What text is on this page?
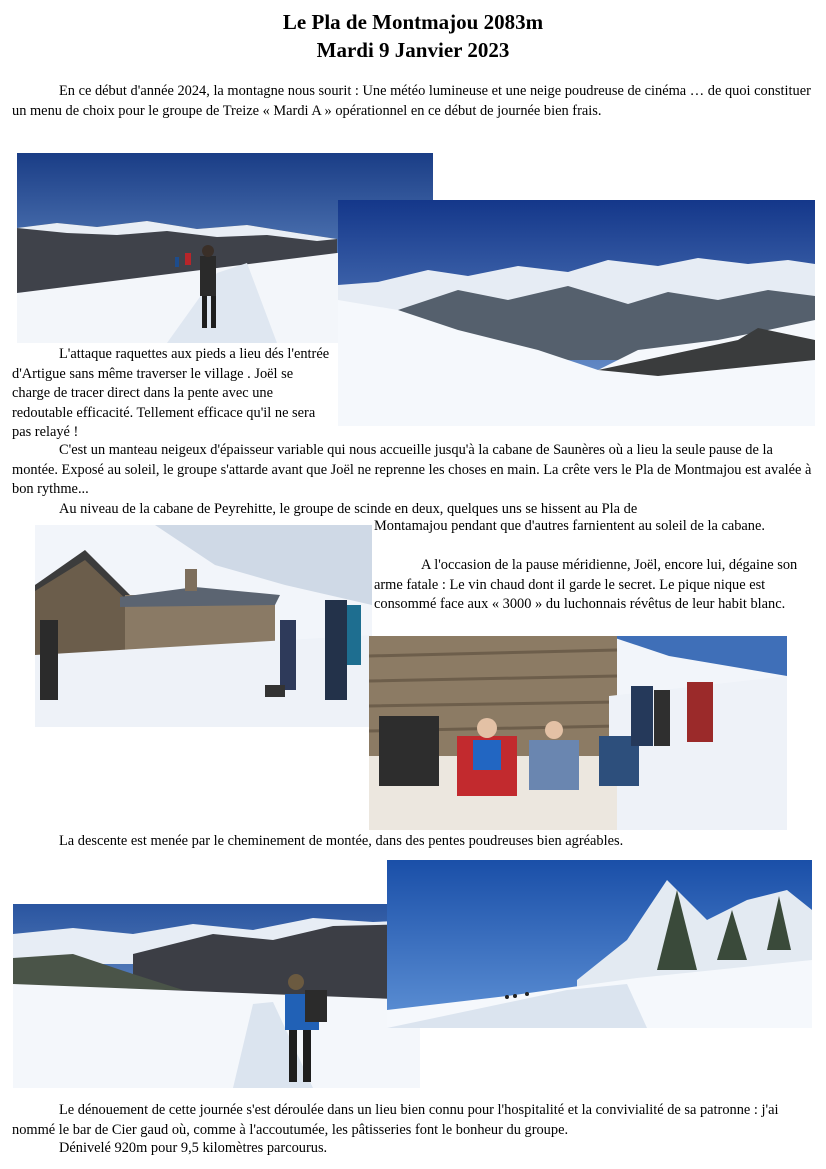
Le Pla de Montmajou 2083m
Mardi 9 Janvier 2023

En ce début d'année 2024, la montagne nous sourit : Une météo lumineuse et une neige poudreuse de cinéma … de quoi constituer un menu de choix pour le groupe de Treize « Mardi A » opérationnel en ce début de journée bien frais.

L'attaque raquettes aux pieds a lieu dés l'entrée d'Artigue sans même traverser le village . Joël se charge de tracer direct dans la pente avec une redoutable efficacité. Tellement efficace qu'il ne sera pas relayé !

C'est un manteau neigeux d'épaisseur variable qui nous accueille jusqu'à la cabane de Saunères où a lieu la seule pause de la montée. Exposé au soleil, le groupe s'attarde avant que Joël ne reprenne les choses en main. La crête vers le Pla de Montmajou est avalée à bon rythme...

Au niveau de la cabane de Peyrehitte, le groupe de scinde en deux, quelques uns se hissent au Pla de

Montamajou pendant que d'autres farnientent au soleil de la cabane.

A l'occasion de la pause méridienne, Joël, encore lui, dégaine son arme fatale : Le vin chaud dont il garde le secret. Le pique nique est consommé face aux « 3000 » du luchonnais révêtus de leur habit blanc.

La descente est menée par le cheminement de montée, dans des pentes poudreuses bien agréables.

Le dénouement de cette journée s'est déroulée dans un lieu bien connu pour l'hospitalité et la convivialité de sa patronne : j'ai nommé le bar de Cier gaud où, comme à l'accoutumée, les pâtisseries font le bonheur du groupe.

Dénivelé 920m pour 9,5 kilomètres parcourus.
